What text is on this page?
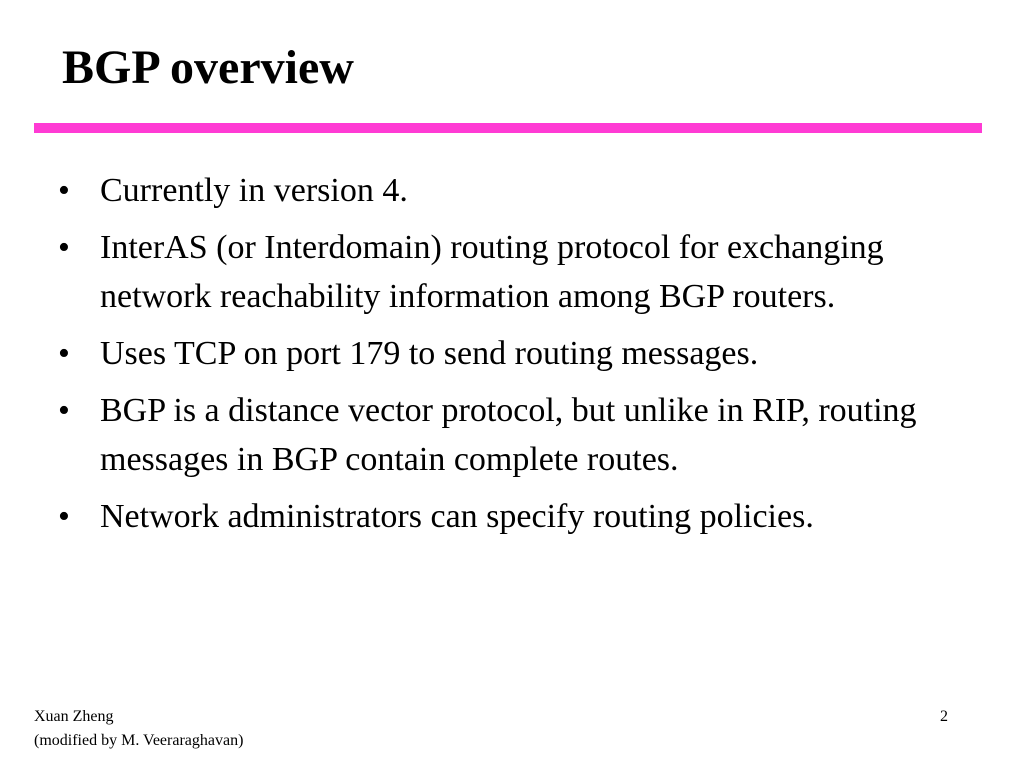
BGP overview
• Currently in version 4.
• InterAS (or Interdomain) routing protocol for exchanging network reachability information among BGP routers.
• Uses TCP on port 179 to send routing messages.
• BGP is a distance vector protocol, but unlike in RIP, routing messages in BGP contain complete routes.
• Network administrators can specify routing policies.
Xuan Zheng
(modified by M. Veeraraghavan)
2
